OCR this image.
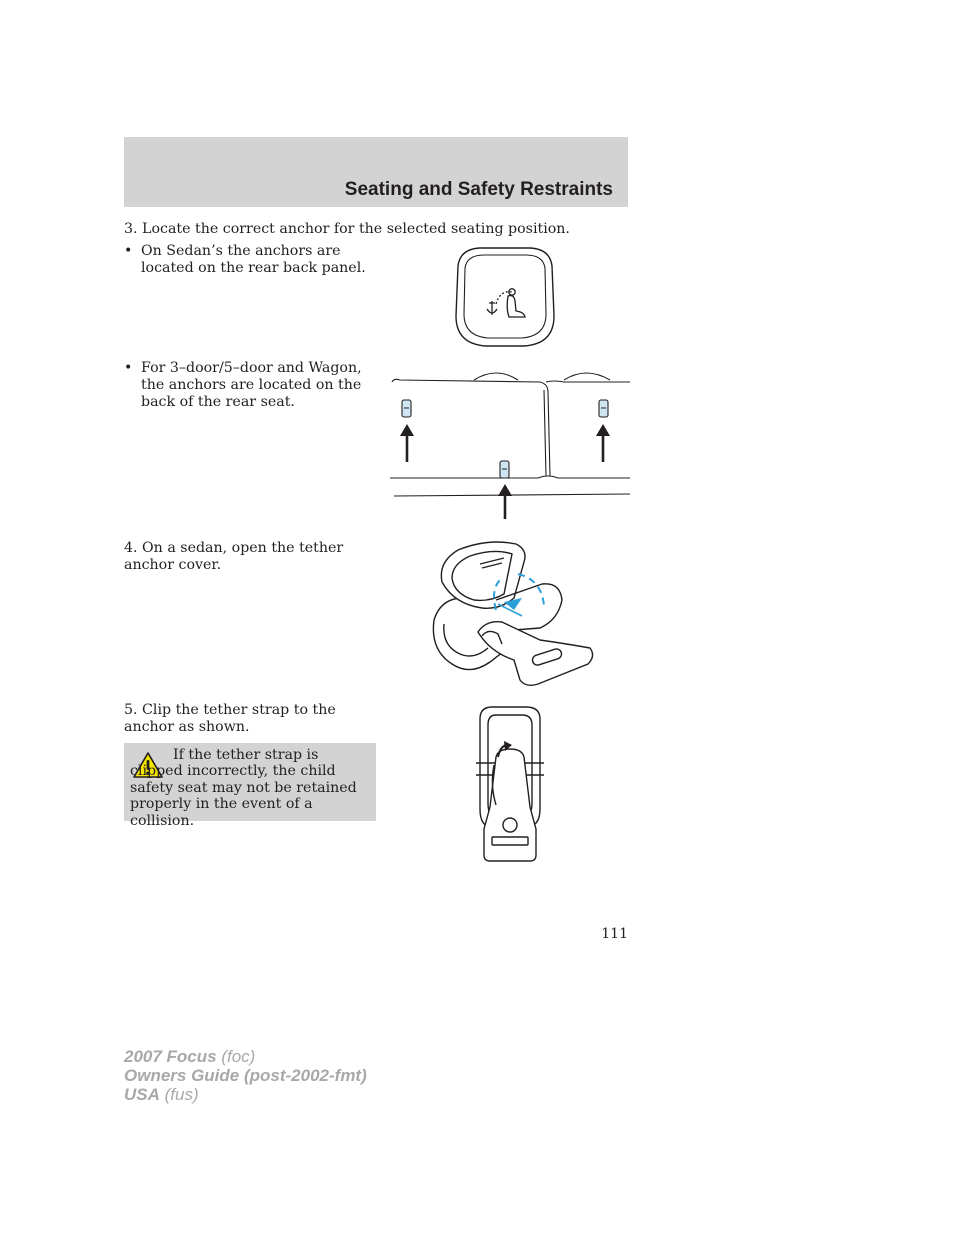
Seating and Safety Restraints
3. Locate the correct anchor for the selected seating position.
• On Sedan’s the anchors are
located on the rear back panel.
• For 3–door/5–door and Wagon,
the anchors are located on the
back of the rear seat.
4. On a sedan, open the tether
anchor cover.
5. Clip the tether strap to the
anchor as shown.
If the tether strap is clipped incorrectly, the child safety seat may not be retained properly in the event of a collision.
111
2007 Focus (foc)
Owners Guide (post-2002-fmt)
USA (fus)
